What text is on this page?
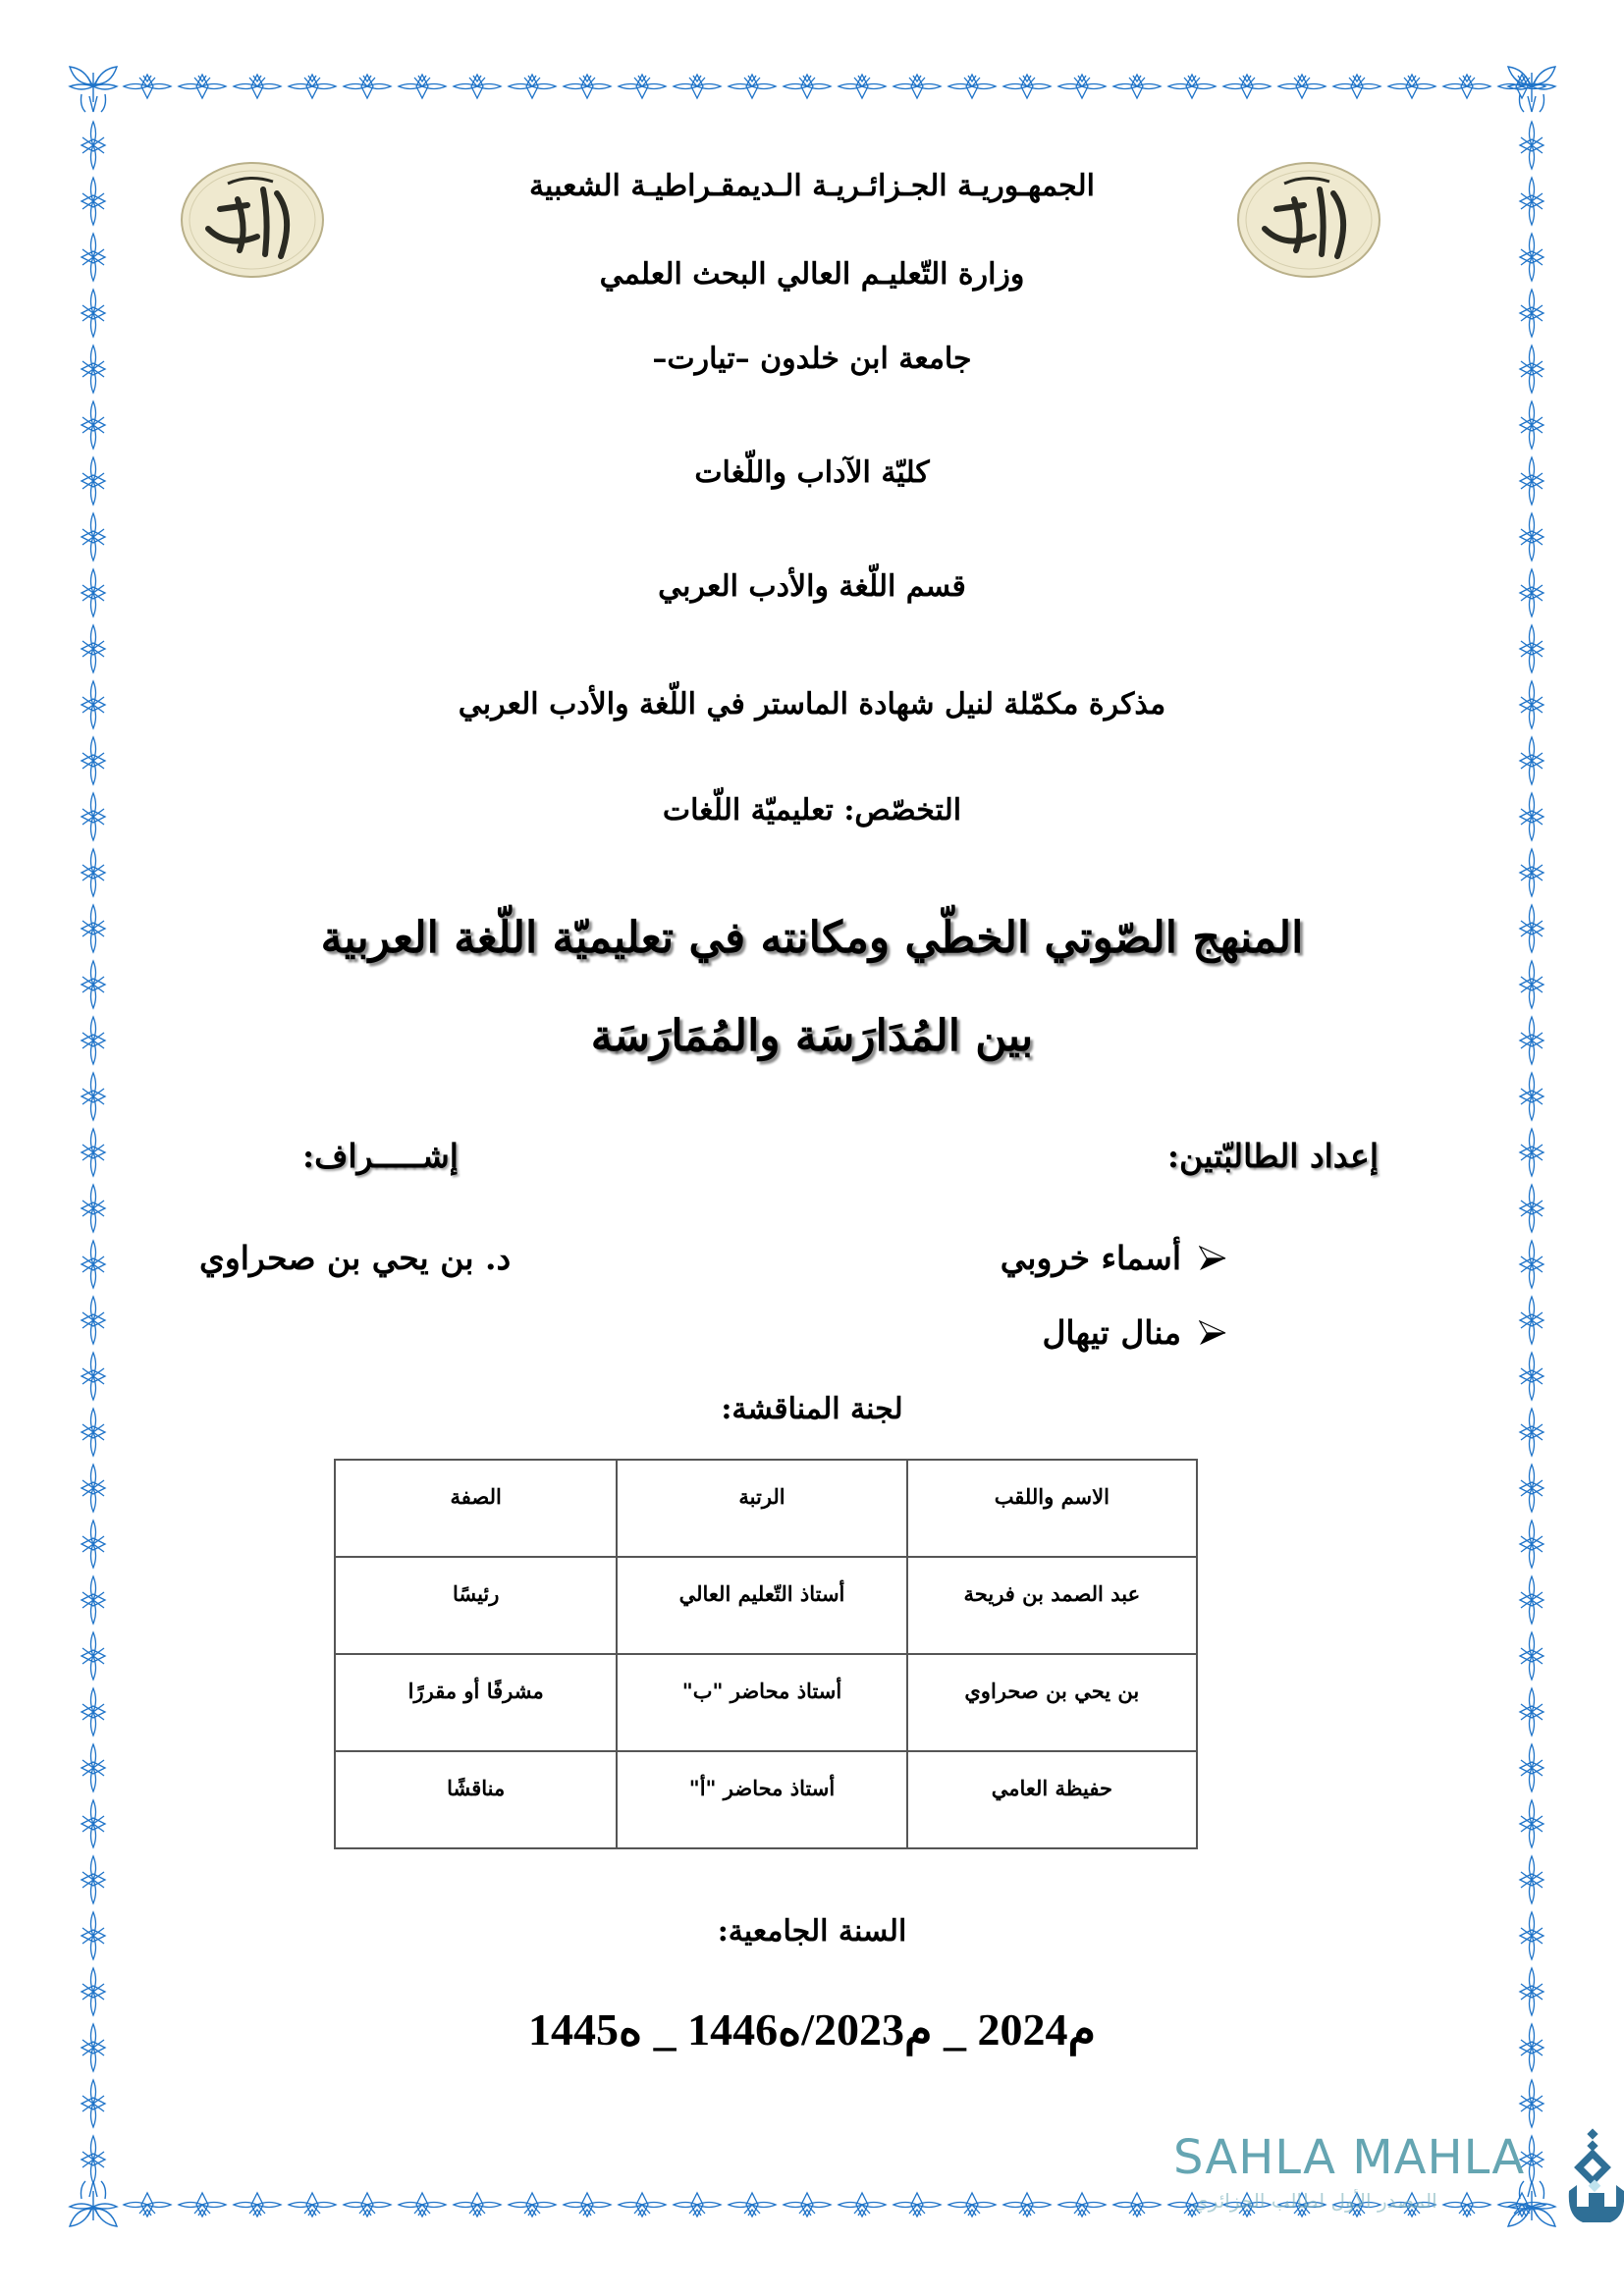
الجمهـوريـة الجـزائـريـة الـديمقـراطيـة الشعبية
وزارة التّعليـم العالي البحث العلمي
جامعة ابن خلدون –تيارت–
كليّة الآداب واللّغات
قسم اللّغة والأدب العربي
مذكرة مكمّلة لنيل شهادة الماستر في اللّغة والأدب العربي
التخصّص: تعليميّة اللّغات
المنهج الصّوتي الخطّي ومكانته في تعليميّة اللّغة العربية
بين المُدَارَسَة والمُمَارَسَة
إعداد الطالبّتين:
إشـــــراف:
أسماء خروبي
منال تيهال
د. بن يحي بن صحراوي
لجنة المناقشة:
الاسم واللقب	الرتبة	الصفة
عبد الصمد بن فريحة	أستاذ التّعليم العالي	رئيسًا
بن يحي بن صحراوي	أستاذ محاضر "ب"	مشرفًا أو مقررًا
حفيظة العامي	أستاذ محاضر "أ"	مناقشًا
السنة الجامعية:
1445ه _ 1446ه/2023م _ 2024م
SAHLA MAHLA
المصدر الأول لطالب الجزائري
